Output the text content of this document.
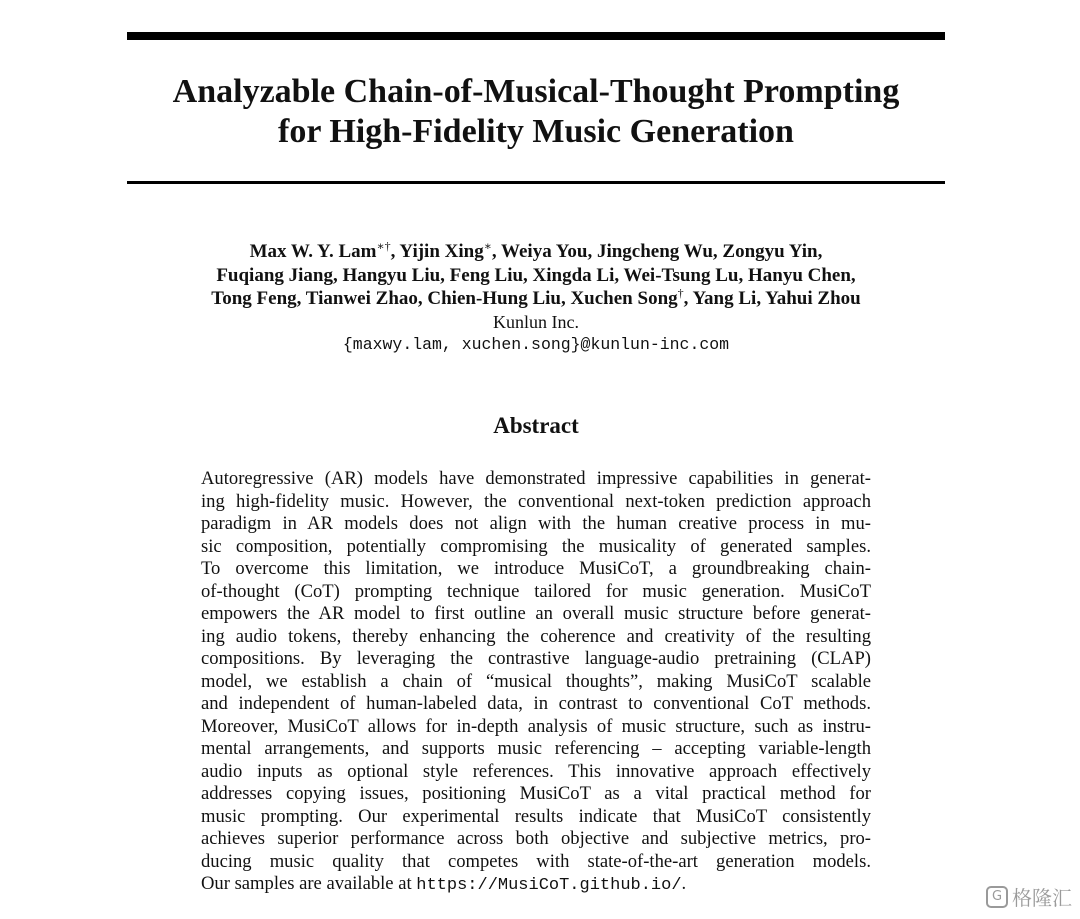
Analyzable Chain-of-Musical-Thought Prompting
for High-Fidelity Music Generation
Max W. Y. Lam∗†, Yijin Xing∗, Weiya You, Jingcheng Wu, Zongyu Yin,
Fuqiang Jiang, Hangyu Liu, Feng Liu, Xingda Li, Wei-Tsung Lu, Hanyu Chen,
Tong Feng, Tianwei Zhao, Chien-Hung Liu, Xuchen Song†, Yang Li, Yahui Zhou
Kunlun Inc.
{maxwy.lam, xuchen.song}@kunlun-inc.com
Abstract
Autoregressive (AR) models have demonstrated impressive capabilities in generat-
ing high-fidelity music. However, the conventional next-token prediction approach
paradigm in AR models does not align with the human creative process in mu-
sic composition, potentially compromising the musicality of generated samples.
To overcome this limitation, we introduce MusiCoT, a groundbreaking chain-
of-thought (CoT) prompting technique tailored for music generation. MusiCoT
empowers the AR model to first outline an overall music structure before generat-
ing audio tokens, thereby enhancing the coherence and creativity of the resulting
compositions. By leveraging the contrastive language-audio pretraining (CLAP)
model, we establish a chain of “musical thoughts”, making MusiCoT scalable
and independent of human-labeled data, in contrast to conventional CoT methods.
Moreover, MusiCoT allows for in-depth analysis of music structure, such as instru-
mental arrangements, and supports music referencing – accepting variable-length
audio inputs as optional style references. This innovative approach effectively
addresses copying issues, positioning MusiCoT as a vital practical method for
music prompting. Our experimental results indicate that MusiCoT consistently
achieves superior performance across both objective and subjective metrics, pro-
ducing music quality that competes with state-of-the-art generation models.
Our samples are available at https://MusiCoT.github.io/.
G 格隆汇
